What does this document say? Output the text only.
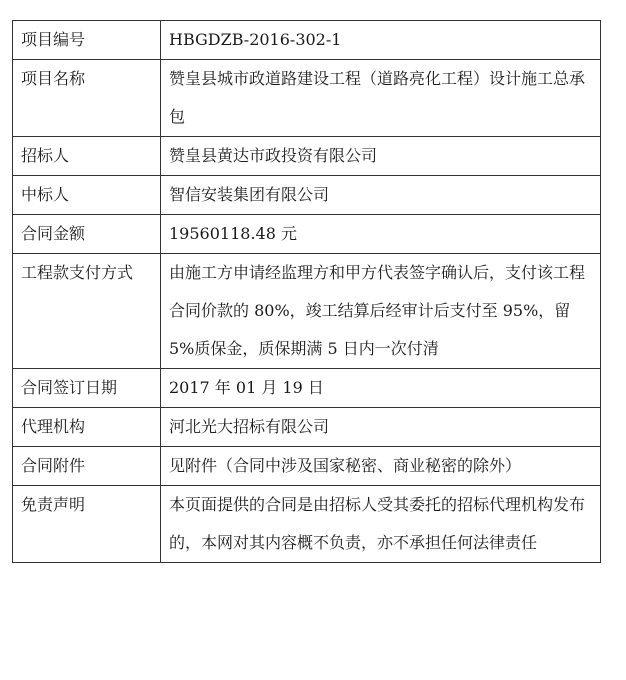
项目编号	HBGDZB-2016-302-1
项目名称	赞皇县城市政道路建设工程（道路亮化工程）设计施工总承包
招标人	赞皇县黄达市政投资有限公司
中标人	智信安装集团有限公司
合同金额	19560118.48 元
工程款支付方式	由施工方申请经监理方和甲方代表签字确认后，支付该工程合同价款的 80%，竣工结算后经审计后支付至 95%，留 5%质保金，质保期满 5 日内一次付清
合同签订日期	2017 年 01 月 19 日
代理机构	河北光大招标有限公司
合同附件	见附件（合同中涉及国家秘密、商业秘密的除外）
免责声明	本页面提供的合同是由招标人受其委托的招标代理机构发布的，本网对其内容概不负责，亦不承担任何法律责任
